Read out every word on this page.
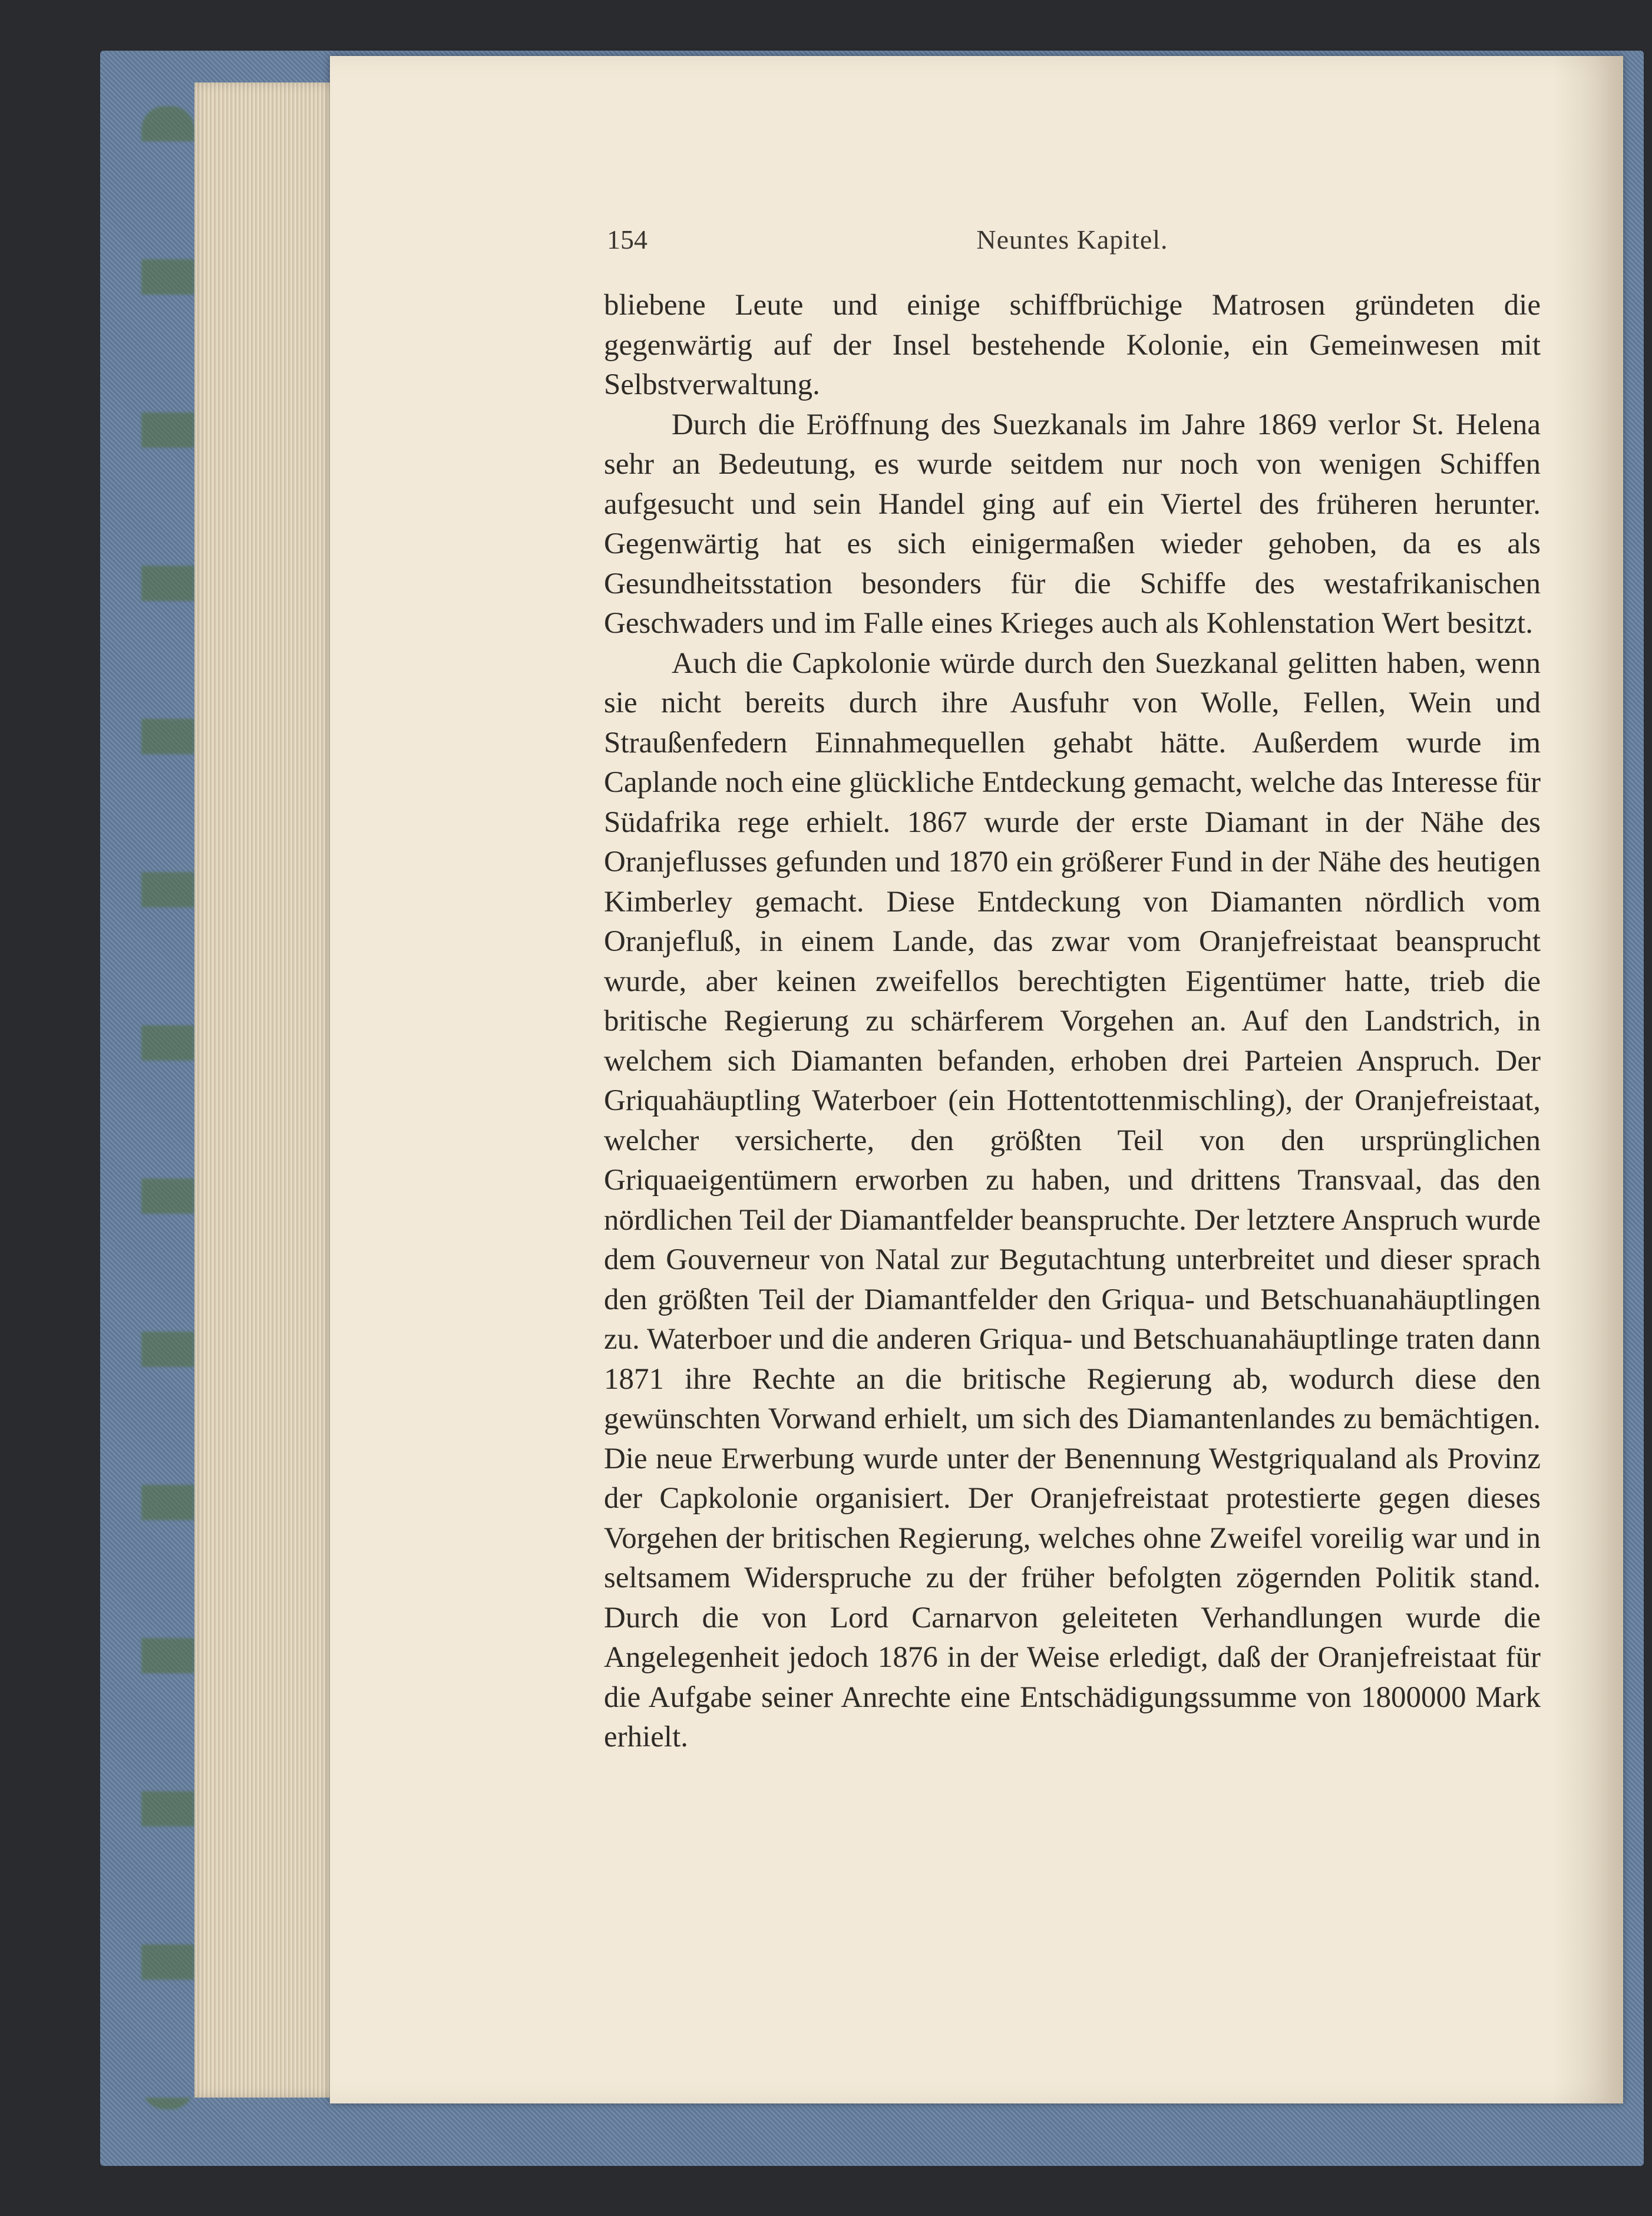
154	Neuntes Kapitel.

bliebene Leute und einige schiffbrüchige Matrosen gründeten die gegenwärtig auf der Insel bestehende Kolonie, ein Gemeinwesen mit Selbstverwaltung.

Durch die Eröffnung des Suezkanals im Jahre 1869 verlor St. Helena sehr an Bedeutung, es wurde seitdem nur noch von wenigen Schiffen aufgesucht und sein Handel ging auf ein Viertel des früheren herunter. Gegenwärtig hat es sich einigermaßen wieder gehoben, da es als Gesundheitsstation besonders für die Schiffe des westafrikanischen Geschwaders und im Falle eines Krieges auch als Kohlenstation Wert besitzt.

Auch die Capkolonie würde durch den Suezkanal gelitten haben, wenn sie nicht bereits durch ihre Ausfuhr von Wolle, Fellen, Wein und Straußenfedern Einnahmequellen gehabt hätte. Außerdem wurde im Caplande noch eine glückliche Entdeckung gemacht, welche das Interesse für Südafrika rege erhielt. 1867 wurde der erste Diamant in der Nähe des Oranjeflusses gefunden und 1870 ein größerer Fund in der Nähe des heutigen Kimberley gemacht. Diese Entdeckung von Diamanten nördlich vom Oranjefluß, in einem Lande, das zwar vom Oranjefreistaat beansprucht wurde, aber keinen zweifellos berechtigten Eigentümer hatte, trieb die britische Regierung zu schärferem Vorgehen an. Auf den Landstrich, in welchem sich Diamanten befanden, erhoben drei Parteien Anspruch. Der Griquahäuptling Waterboer (ein Hottentottenmischling), der Oranjefreistaat, welcher versicherte, den größten Teil von den ursprünglichen Griquaeigentümern erworben zu haben, und drittens Transvaal, das den nördlichen Teil der Diamantfelder beanspruchte. Der letztere Anspruch wurde dem Gouverneur von Natal zur Begutachtung unterbreitet und dieser sprach den größten Teil der Diamantfelder den Griqua- und Betschuanahäuptlingen zu. Waterboer und die anderen Griqua- und Betschuanahäuptlinge traten dann 1871 ihre Rechte an die britische Regierung ab, wodurch diese den gewünschten Vorwand erhielt, um sich des Diamantenlandes zu bemächtigen. Die neue Erwerbung wurde unter der Benennung Westgriqualand als Provinz der Capkolonie organisiert. Der Oranjefreistaat protestierte gegen dieses Vorgehen der britischen Regierung, welches ohne Zweifel voreilig war und in seltsamem Widerspruche zu der früher befolgten zögernden Politik stand. Durch die von Lord Carnarvon geleiteten Verhandlungen wurde die Angelegenheit jedoch 1876 in der Weise erledigt, daß der Oranjefreistaat für die Aufgabe seiner Anrechte eine Entschädigungssumme von 1800000 Mark erhielt.
